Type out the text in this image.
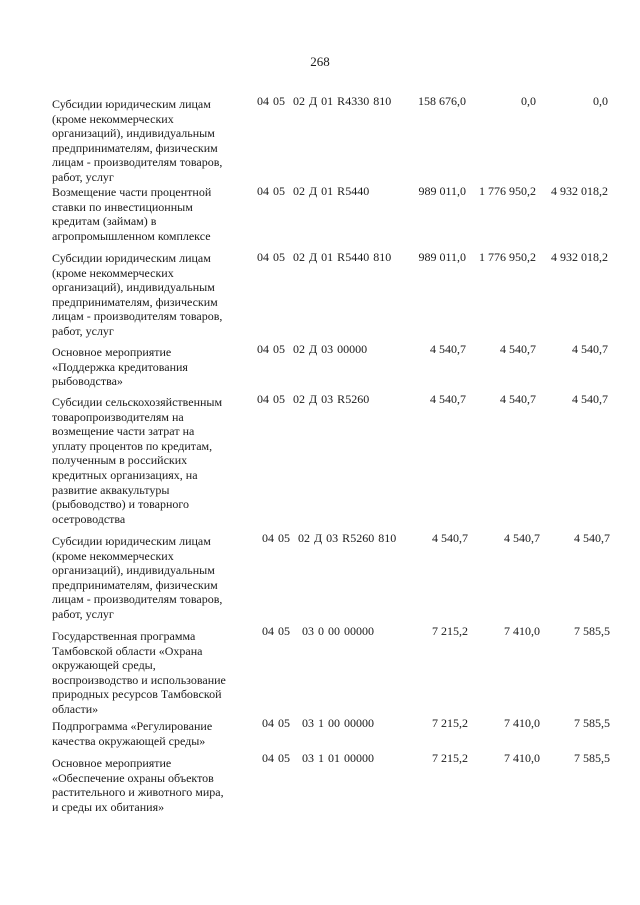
268
Субсидии юридическим лицам
(кроме некоммерческих
организаций), индивидуальным
предпринимателям, физическим
лицам - производителям товаров,
работ, услуг
04 05  02 Д 01 R4330 810	158 676,0	0,0	0,0
Возмещение части процентной
ставки по инвестиционным
кредитам (займам) в
агропромышленном комплексе
04 05  02 Д 01 R5440	989 011,0 1 776 950,2 4 932 018,2
Субсидии юридическим лицам
(кроме некоммерческих
организаций), индивидуальным
предпринимателям, физическим
лицам - производителям товаров,
работ, услуг
04 05  02 Д 01 R5440 810	989 011,0 1 776 950,2 4 932 018,2
Основное мероприятие
«Поддержка кредитования
рыбоводства»
04 05  02 Д 03 00000	4 540,7	4 540,7	4 540,7
Субсидии сельскохозяйственным
товаропроизводителям на
возмещение части затрат на
уплату процентов по кредитам,
полученным в российских
кредитных организациях, на
развитие аквакультуры
(рыбоводство) и товарного
осетроводства
04 05  02 Д 03 R5260	4 540,7	4 540,7	4 540,7
Субсидии юридическим лицам
(кроме некоммерческих
организаций), индивидуальным
предпринимателям, физическим
лицам - производителям товаров,
работ, услуг
04 05  02 Д 03 R5260 810	4 540,7	4 540,7	4 540,7
Государственная программа
Тамбовской области «Охрана
окружающей среды,
воспроизводство и использование
природных ресурсов Тамбовской
области»
04 05   03 0 00 00000	7 215,2	7 410,0	7 585,5
Подпрограмма «Регулирование
качества окружающей среды»
04 05   03 1 00 00000	7 215,2	7 410,0	7 585,5
Основное мероприятие
«Обеспечение охраны объектов
растительного и животного мира,
и среды их обитания»
04 05   03 1 01 00000	7 215,2	7 410,0	7 585,5
